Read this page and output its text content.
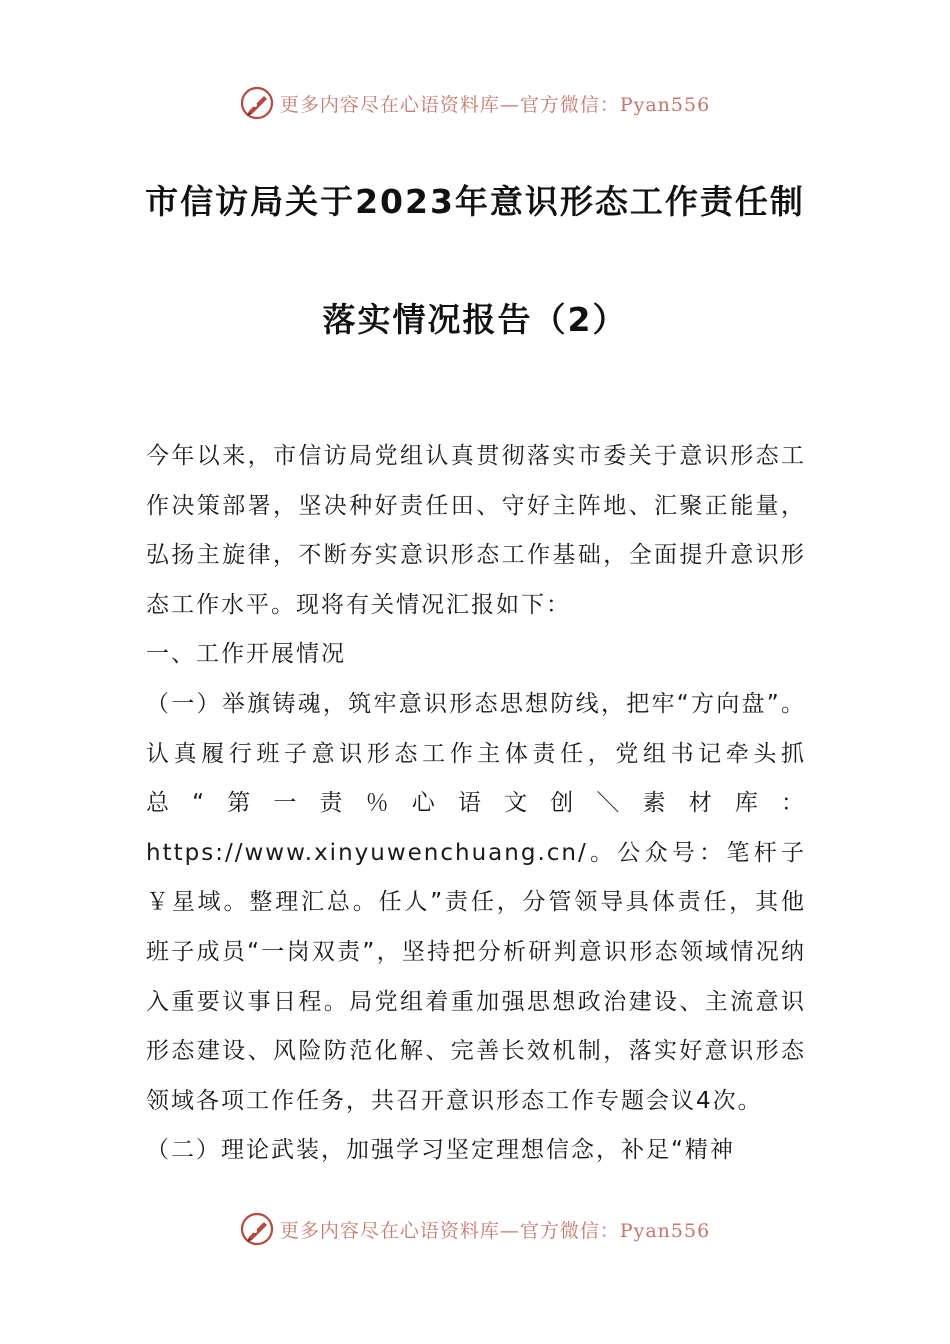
更多内容尽在心语资料库—官方微信：Pyan556
市信访局关于2023年意识形态工作责任制
落实情况报告（2）

今年以来，市信访局党组认真贯彻落实市委关于意识形态工作决策部署，坚决种好责任田、守好主阵地、汇聚正能量，弘扬主旋律，不断夯实意识形态工作基础，全面提升意识形态工作水平。现将有关情况汇报如下：

一、工作开展情况

（一）举旗铸魂，筑牢意识形态思想防线，把牢“方向盘”。认真履行班子意识形态工作主体责任，党组书记牵头抓总“第一责％心语文创＼素材库：https://www.xinyuwenchuang.cn/。公众号：笔杆子￥星域。整理汇总。任人”责任，分管领导具体责任，其他班子成员“一岗双责”，坚持把分析研判意识形态领域情况纳入重要议事日程。局党组着重加强思想政治建设、主流意识形态建设、风险防范化解、完善长效机制，落实好意识形态领域各项工作任务，共召开意识形态工作专题会议4次。

（二）理论武装，加强学习坚定理想信念，补足“精神

更多内容尽在心语资料库—官方微信：Pyan556
